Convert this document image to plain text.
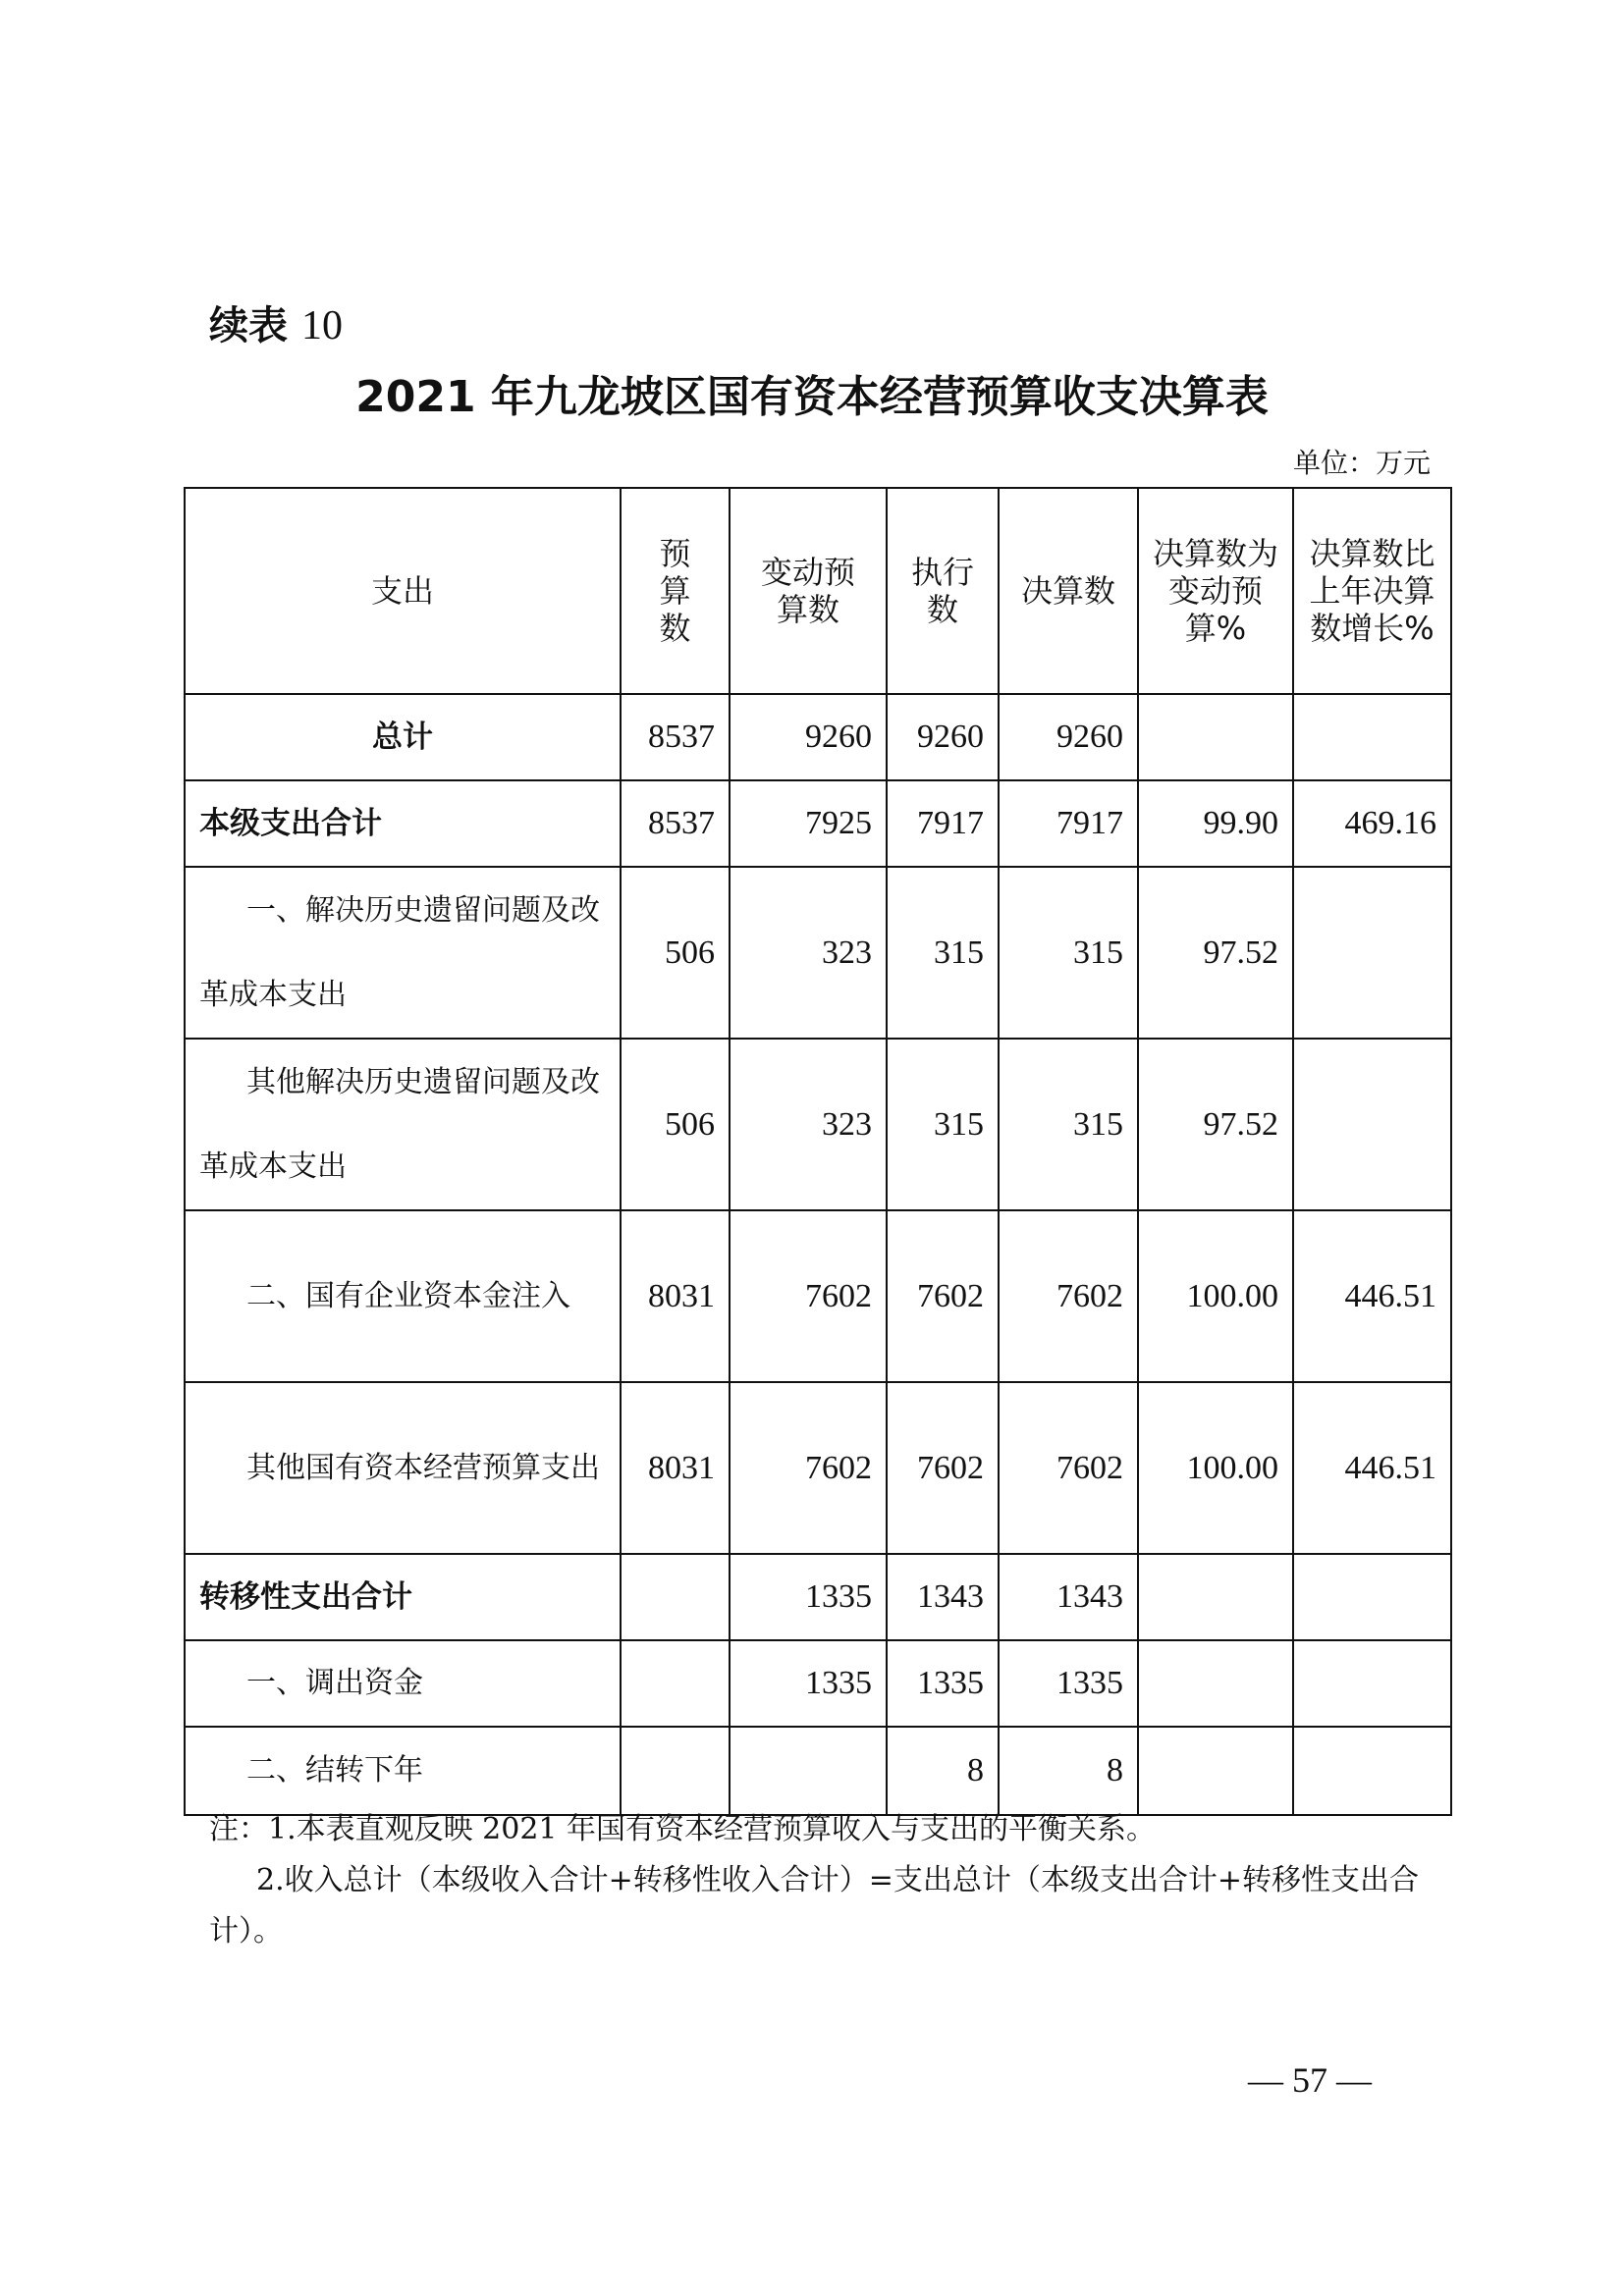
续表 10
2021 年九龙坡区国有资本经营预算收支决算表
单位：万元
支出	预算数	变动预算数	执行数	决算数	决算数为变动预算%	决算数比上年决算数增长%
总计	8537	9260	9260	9260		
本级支出合计	8537	7925	7917	7917	99.90	469.16
一、解决历史遗留问题及改革成本支出	506	323	315	315	97.52	
其他解决历史遗留问题及改革成本支出	506	323	315	315	97.52	
二、国有企业资本金注入	8031	7602	7602	7602	100.00	446.51
其他国有资本经营预算支出	8031	7602	7602	7602	100.00	446.51
转移性支出合计		1335	1343	1343		
一、调出资金		1335	1335	1335		
二、结转下年			8	8		
注：1.本表直观反映 2021 年国有资本经营预算收入与支出的平衡关系。
2.收入总计（本级收入合计+转移性收入合计）=支出总计（本级支出合计+转移性支出合计）。
— 57 —
